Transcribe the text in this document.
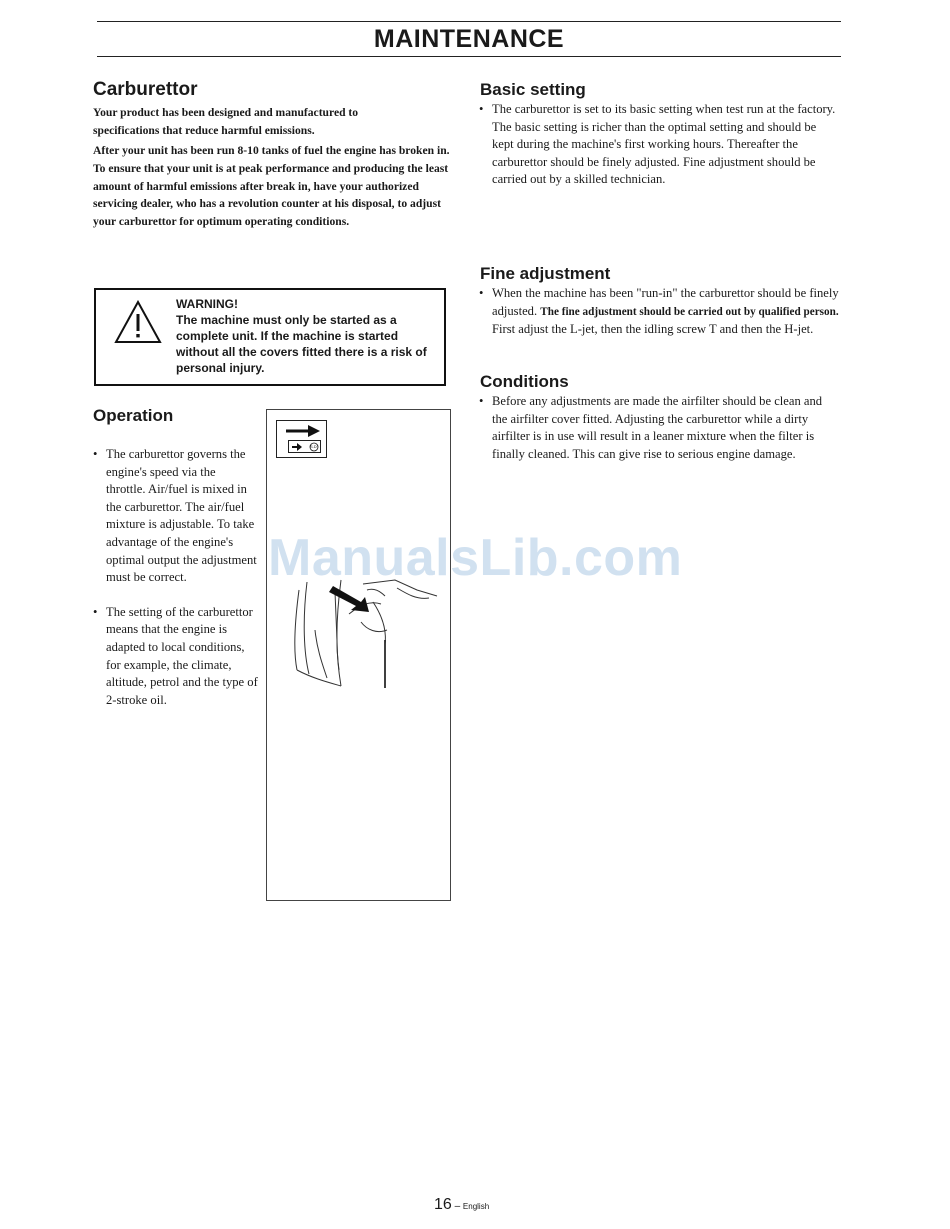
MAINTENANCE
Carburettor

Your product has been designed and manufactured to specifications that reduce harmful emissions.

After your unit has been run 8-10 tanks of fuel the engine has broken in. To ensure that your unit is at peak performance and producing the least amount of harmful emissions after break in, have your authorized servicing dealer, who has a revolution counter at his disposal, to adjust your carburettor for optimum operating conditions.

WARNING!
The machine must only be started as a complete unit. If the machine is started without all the covers fitted there is a risk of personal injury.
Operation
• The carburettor governs the engine's speed via the throttle. Air/fuel is mixed in the carburettor. The air/fuel mixture is adjustable. To take advantage of the engine's optimal output the adjustment must be correct.
• The setting of the carburettor means that the engine is adapted to local conditions, for example, the climate, altitude, petrol and the type of 2-stroke oil.
S.D
ManualsLib.com
Basic setting
• The carburettor is set to its basic setting when test run at the factory. The basic setting is richer than the optimal setting and should be kept during the machine's first working hours. Thereafter the carburettor should be finely adjusted. Fine adjustment should be carried out by a skilled technician.
Fine adjustment
• When the machine has been "run-in" the carburettor should be finely adjusted. The fine adjustment should be carried out by qualified person. First adjust the L-jet, then the idling screw T and then the H-jet.
Conditions
• Before any adjustments are made the airfilter should be clean and the airfilter cover fitted. Adjusting the carburettor while a dirty airfilter is in use will result in a leaner mixture when the filter is finally cleaned. This can give rise to serious engine damage.
16 – English
